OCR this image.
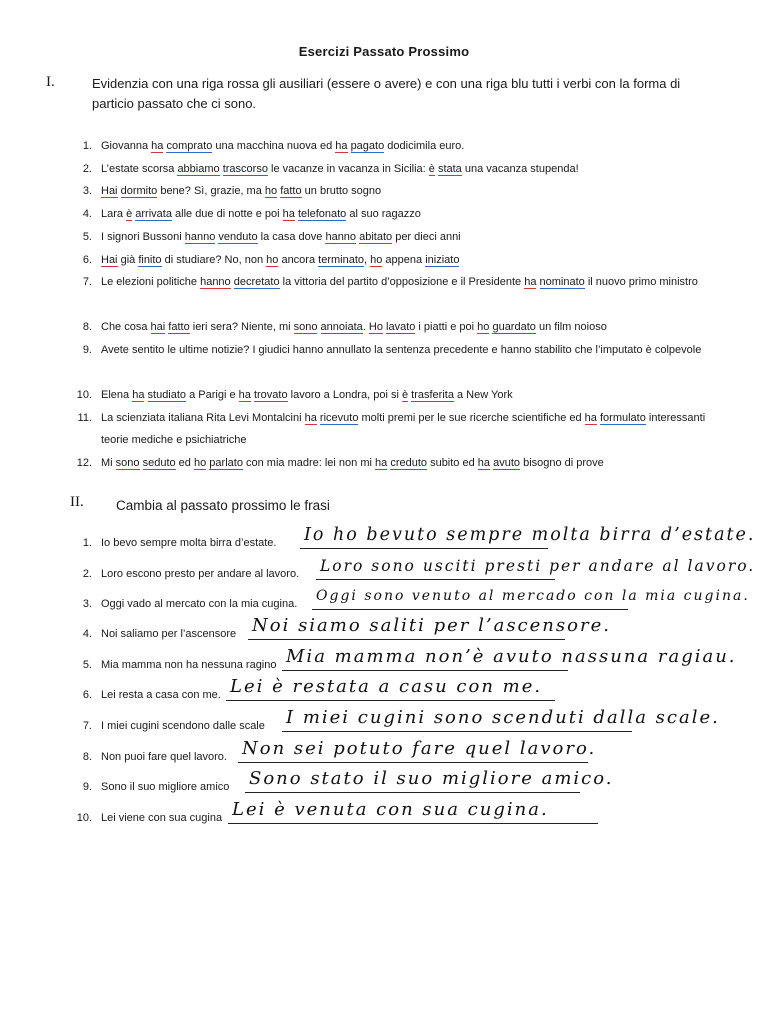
Esercizi Passato Prossimo
I.	Evidenzia con una riga rossa gli ausiliari (essere o avere) e con una riga blu tutti i verbi con la forma di particio passato che ci sono.
1. Giovanna ha comprato una macchina nuova ed ha pagato dodicimila euro.
2. L’estate scorsa abbiamo trascorso le vacanze in vacanza in Sicilia: è stata una vacanza stupenda!
3. Hai dormito bene? Sì, grazie, ma ho fatto un brutto sogno
4. Lara è arrivata alle due di notte e poi ha telefonato al suo ragazzo
5. I signori Bussoni hanno venduto la casa dove hanno abitato per dieci anni
6. Hai già finito di studiare? No, non ho ancora terminato, ho appena iniziato
7. Le elezioni politiche hanno decretato la vittoria del partito d’opposizione e il Presidente ha nominato il nuovo primo ministro
8. Che cosa hai fatto ieri sera? Niente, mi sono annoiata. Ho lavato i piatti e poi ho guardato un film noioso
9. Avete sentito le ultime notizie? I giudici hanno annullato la sentenza precedente e hanno stabilito che l’imputato è colpevole
10. Elena ha studiato a Parigi e ha trovato lavoro a Londra, poi si è trasferita a New York
11. La scienziata italiana Rita Levi Montalcini ha ricevuto molti premi per le sue ricerche scientifiche ed ha formulato interessanti teorie mediche e psichiatriche
12. Mi sono seduto ed ho parlato con mia madre: lei non mi ha creduto subito ed ha avuto bisogno di prove
II. Cambia al passato prossimo le frasi
1. Io bevo sempre molta birra d’estate. Io ho bevuto sempre molta birra d’estate.
2. Loro escono presto per andare al lavoro. Loro sono usciti presti per andare al lavoro.
3. Oggi vado al mercato con la mia cugina. Oggi sono venuto al mercado con la mia cugina.
4. Noi saliamo per l’ascensore Noi siamo saliti per l’ascensore.
5. Mia mamma non ha nessuna ragino Mia mamma non’è avuto nassuna ragiau.
6. Lei resta a casa con me. Lei è restata a casu con me.
7. I miei cugini scendono dalle scale I miei cugini sono scenduti dalla scale.
8. Non puoi fare quel lavoro. Non sei potuto fare quel lavoro.
9. Sono il suo migliore amico Sono stato il suo migliore amico.
10. Lei viene con sua cugina Lei è venuta con sua cugina.
